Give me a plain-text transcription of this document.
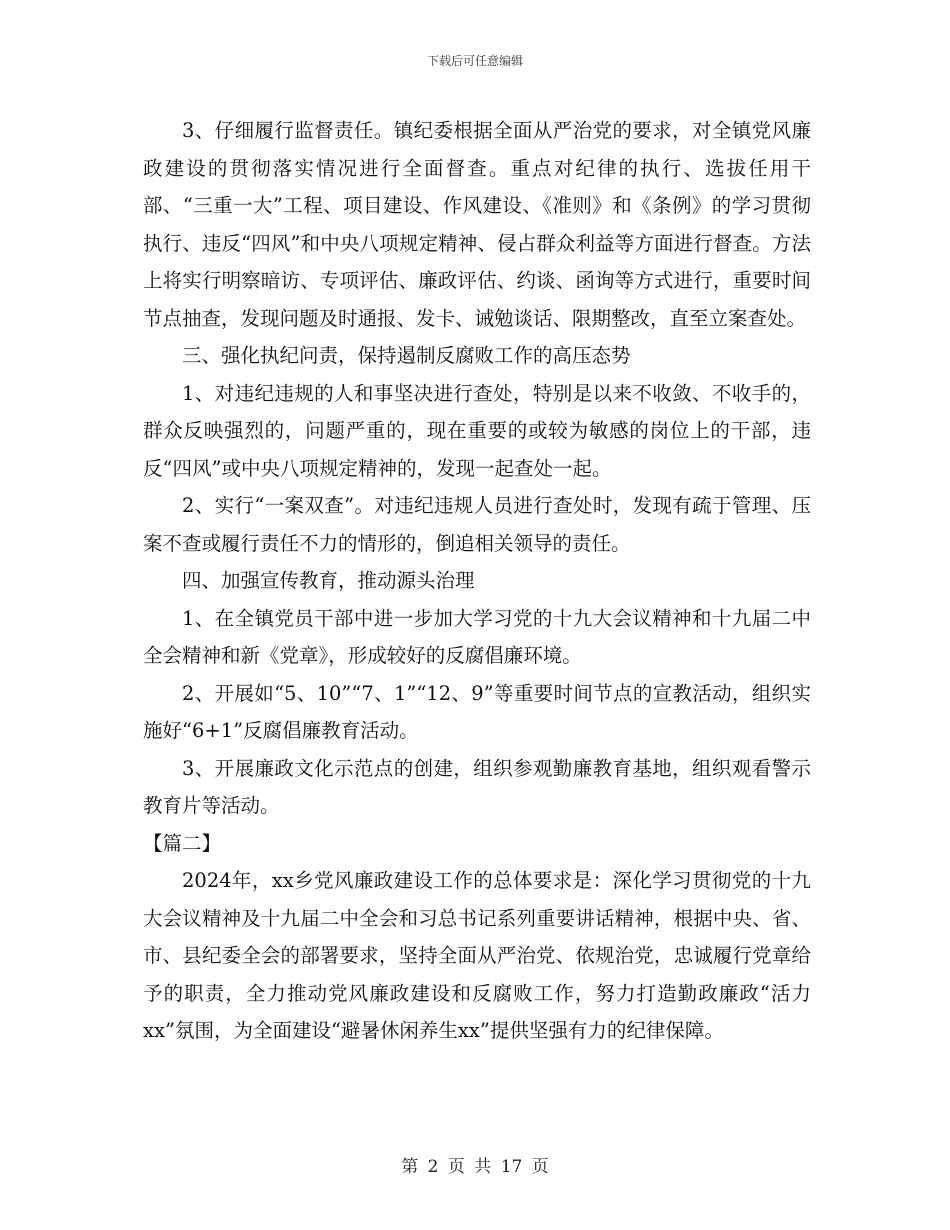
下载后可任意编辑

3、仔细履行监督责任。镇纪委根据全面从严治党的要求，对全镇党风廉政建设的贯彻落实情况进行全面督查。重点对纪律的执行、选拔任用干部、“三重一大”工程、项目建设、作风建设、《准则》和《条例》的学习贯彻执行、违反“四风”和中央八项规定精神、侵占群众利益等方面进行督查。方法上将实行明察暗访、专项评估、廉政评估、约谈、函询等方式进行，重要时间节点抽查，发现问题及时通报、发卡、诫勉谈话、限期整改，直至立案查处。

三、强化执纪问责，保持遏制反腐败工作的高压态势

1、对违纪违规的人和事坚决进行查处，特别是以来不收敛、不收手的，群众反映强烈的，问题严重的，现在重要的或较为敏感的岗位上的干部，违反“四风”或中央八项规定精神的，发现一起查处一起。

2、实行“一案双查”。对违纪违规人员进行查处时，发现有疏于管理、压案不查或履行责任不力的情形的，倒追相关领导的责任。

四、加强宣传教育，推动源头治理

1、在全镇党员干部中进一步加大学习党的十九大会议精神和十九届二中全会精神和新《党章》，形成较好的反腐倡廉环境。

2、开展如“5、10”“7、1”“12、9”等重要时间节点的宣教活动，组织实施好“6+1”反腐倡廉教育活动。

3、开展廉政文化示范点的创建，组织参观勤廉教育基地，组织观看警示教育片等活动。

【篇二】

2024年，xx乡党风廉政建设工作的总体要求是：深化学习贯彻党的十九大会议精神及十九届二中全会和习总书记系列重要讲话精神，根据中央、省、市、县纪委全会的部署要求，坚持全面从严治党、依规治党，忠诚履行党章给予的职责，全力推动党风廉政建设和反腐败工作，努力打造勤政廉政“活力xx”氛围，为全面建设“避暑休闲养生xx”提供坚强有力的纪律保障。

第 2 页 共 17 页
